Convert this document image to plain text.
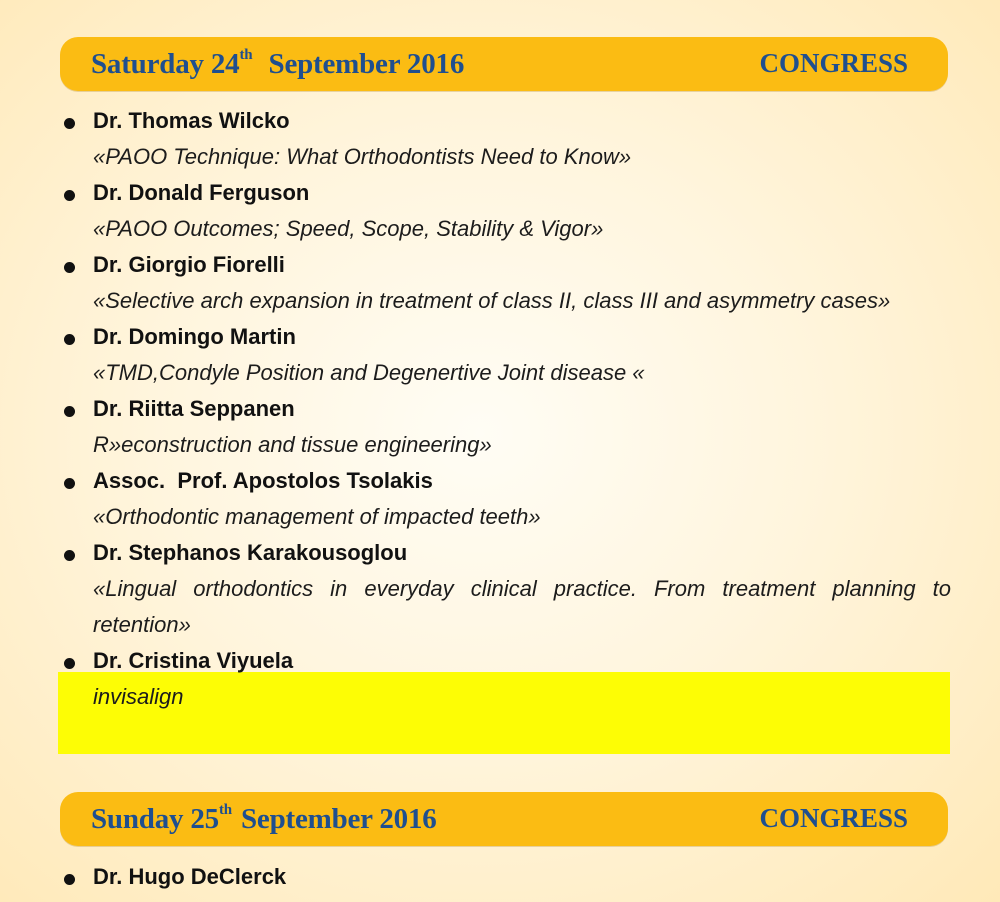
Saturday 24th September 2016	CONGRESS
Dr. Thomas Wilcko
«PAOO Technique: What Orthodontists Need to Know»
Dr. Donald Ferguson
«PAOO Outcomes; Speed, Scope, Stability & Vigor»
Dr. Giorgio Fiorelli
«Selective arch expansion in treatment of class II, class III and asymmetry cases»
Dr. Domingo Martin
«TMD,Condyle Position and Degenertive Joint disease «
Dr. Riitta Seppanen
R»econstruction and tissue engineering»
Assoc.  Prof. Apostolos Tsolakis
«Orthodontic management of impacted teeth»
Dr. Stephanos Karakousoglou
«Lingual orthodontics in everyday clinical practice. From treatment planning to retention»
Dr. Cristina Viyuela
invisalign
Sunday 25th September 2016	CONGRESS
Dr. Hugo DeClerck
